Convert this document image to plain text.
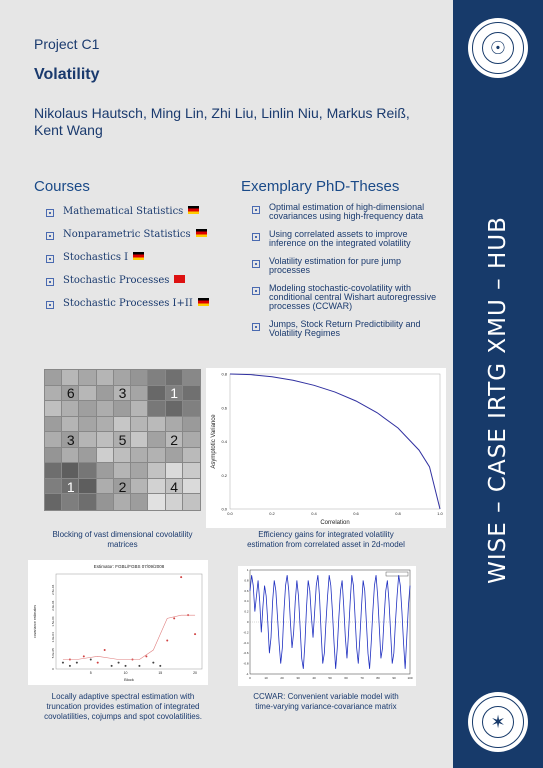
☉
✶
WISE – CASE IRTG XMU – HUB
Project C1
Volatility
Nikolaus Hautsch, Ming Lin, Zhi Liu, Linlin Niu, Markus Reiß, Kent Wang
Courses
Mathematical Statistics
Nonparametric Statistics
Stochastics I
Stochastic Processes
Stochastic Processes I+II
Exemplary PhD-Theses
Optimal estimation of high-dimensional covariances using high-frequency data
Using correlated assets to improve inference on the integrated volatility
Volatility estimation for pure jump processes
Modeling stochastic-covolatility with conditional central Wishart autoregressive processes (CCWAR)
Jumps, Stock Return Predictibility and Volatility Regimes
6	3	1
3	5	2
1	2	4
Blocking of vast dimensional covolatility matrices
0.0	0.2	0.4	0.6	0.8	1.0
0.0
0.2
0.4
0.6
0.8
Correlation
Asymptotic Variance
Efficiency gains for integrated volatility estimation from correlated asset in 2d-model
Estimator: FGBL/FGBS 07/09/2008
Block
covariance estimates
5	10	15	20
0
5.0e-05
1.0e-04
1.5e-04
2.0e-04
2.5e-04
Locally adaptive spectral estimation with truncation provides estimation of integrated covolatilities, cojumps and spot covolatilities.
0	10	20	30	40	50	60	70	80	90	100
-1
-0.8
-0.6
-0.4
-0.2
0
0.2
0.4
0.6
0.8
1
CCWAR: Convenient variable model with time-varying variance-covariance matrix
